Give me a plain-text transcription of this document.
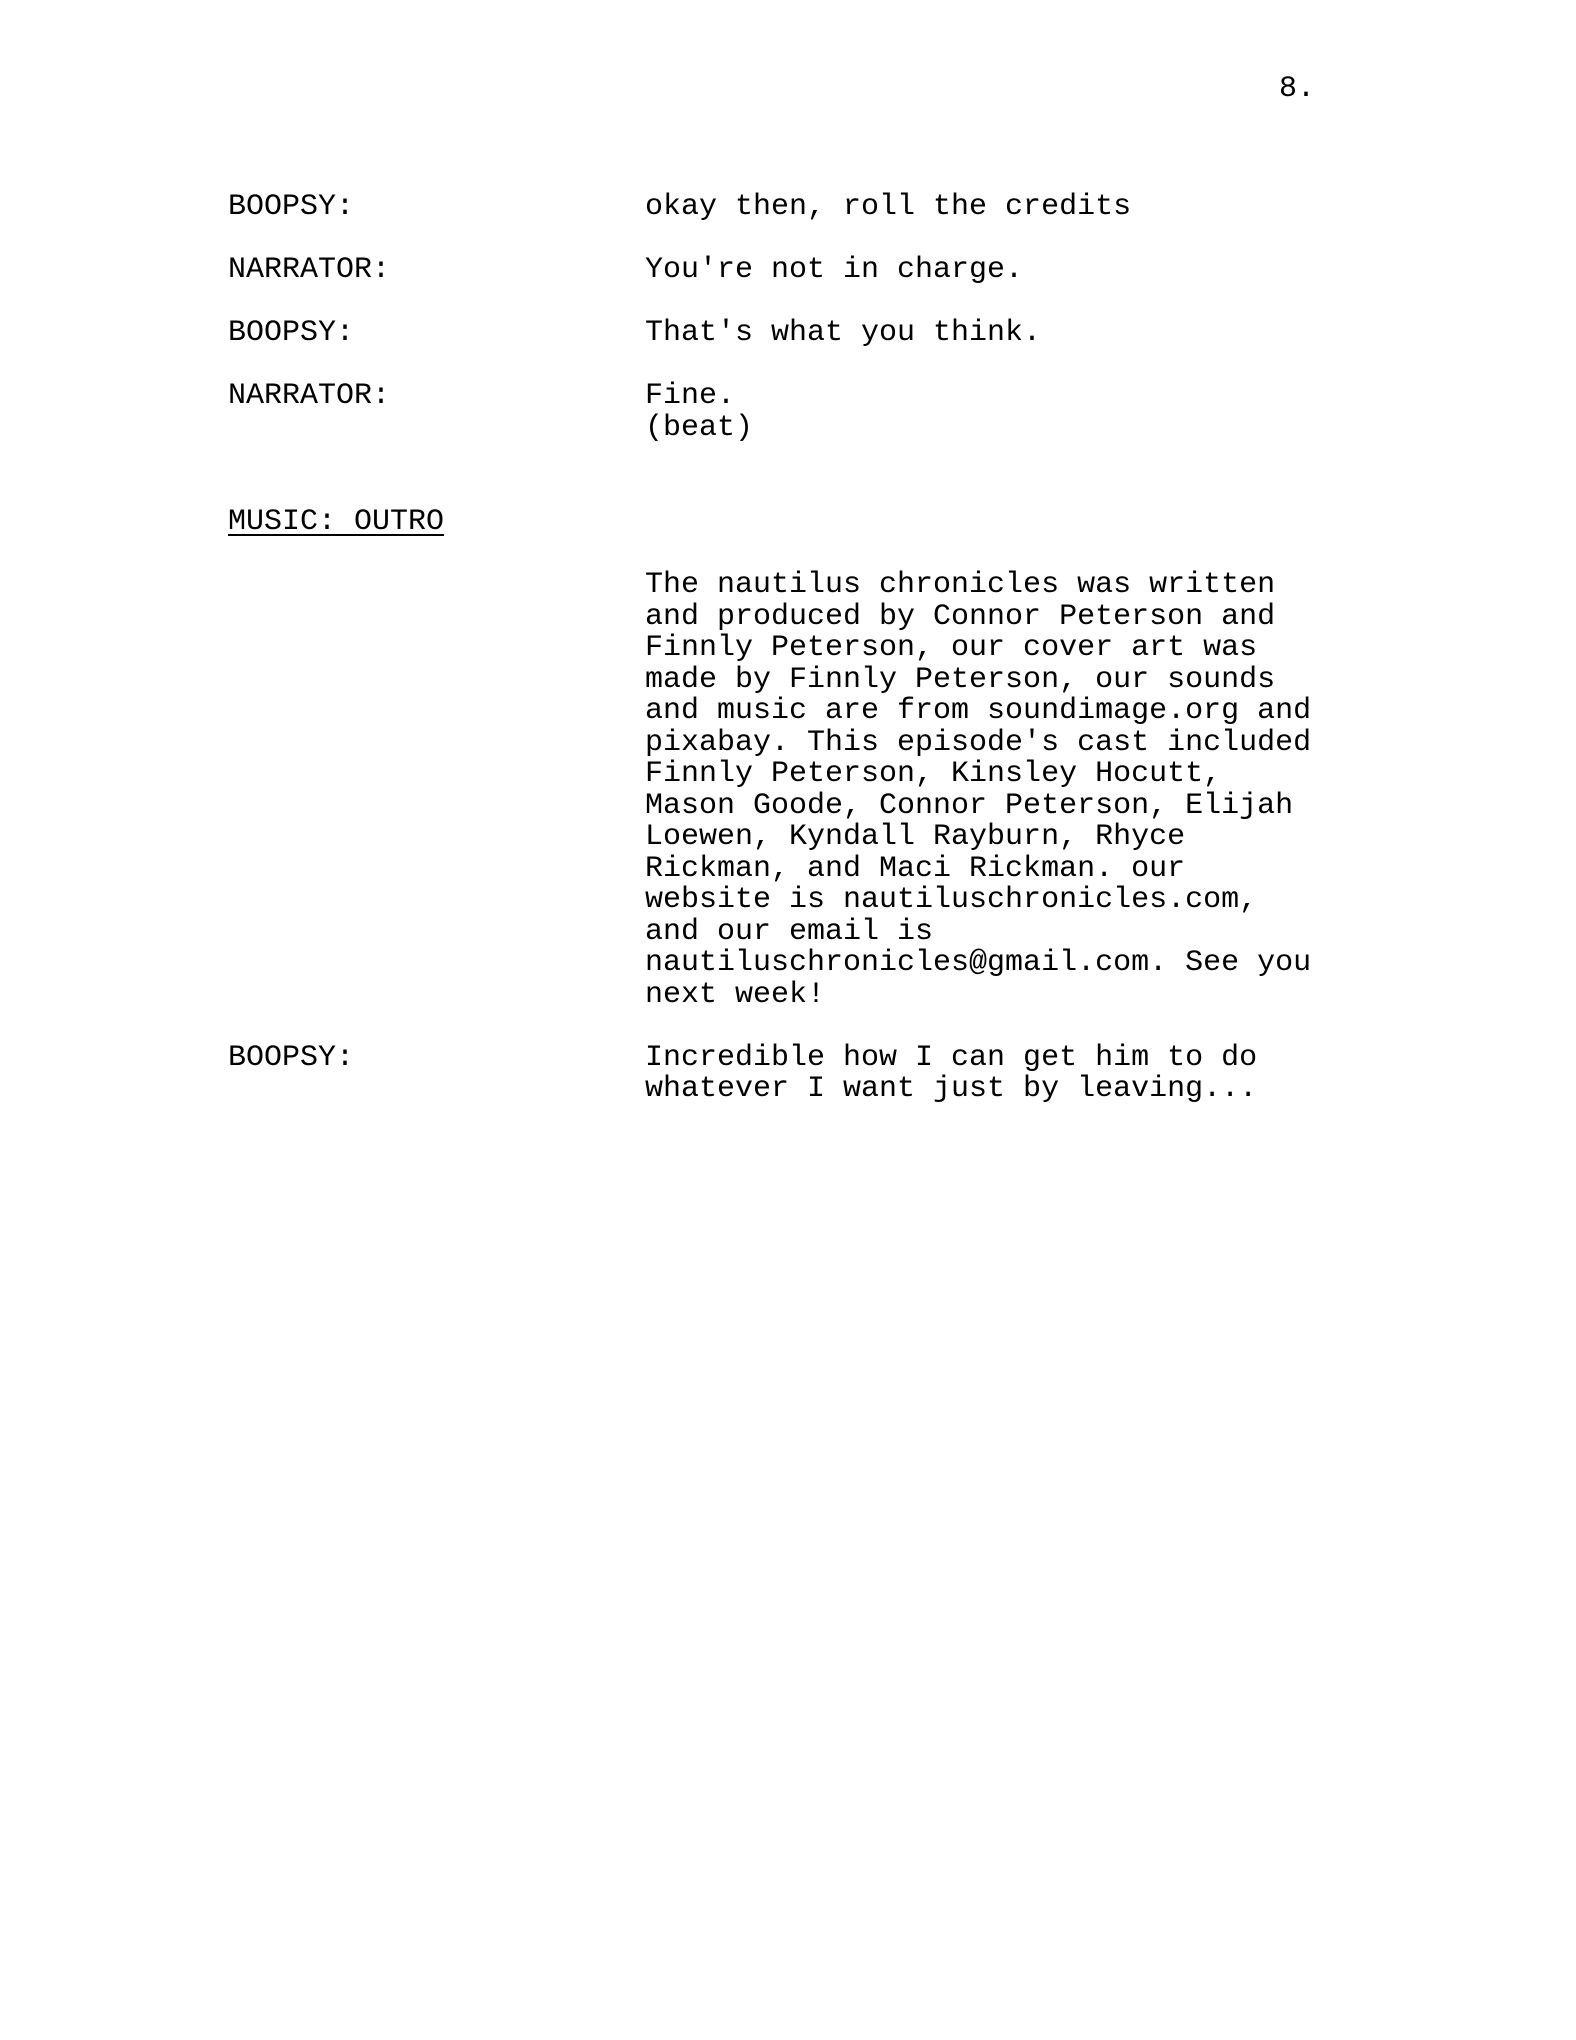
8.
BOOPSY:	okay then, roll the credits
NARRATOR:	You're not in charge.
BOOPSY:	That's what you think.
NARRATOR:	Fine.
(beat)
MUSIC: OUTRO
The nautilus chronicles was written and produced by Connor Peterson and Finnly Peterson, our cover art was made by Finnly Peterson, our sounds and music are from soundimage.org and pixabay. This episode's cast included Finnly Peterson, Kinsley Hocutt, Mason Goode, Connor Peterson, Elijah Loewen, Kyndall Rayburn, Rhyce Rickman, and Maci Rickman. our website is nautiluschronicles.com, and our email is nautiluschronicles@gmail.com. See you next week!
BOOPSY:	Incredible how I can get him to do whatever I want just by leaving...
